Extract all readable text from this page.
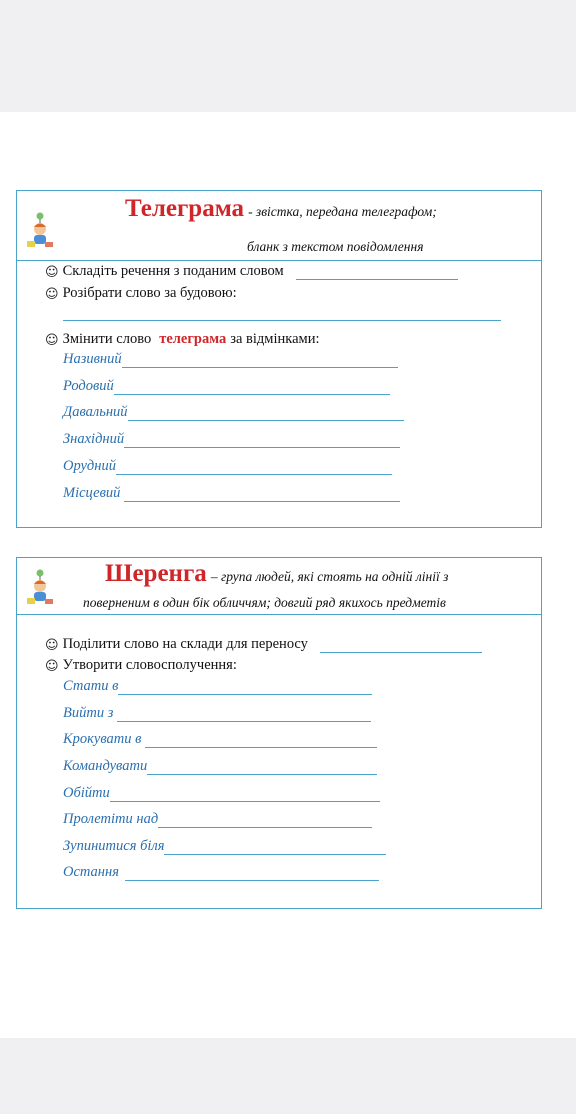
Телеграма - звістка, передана телеграфом;
бланк з текстом повідомлення
☺ Складіть речення з поданим словом
☺ Розібрати слово за будовою:
☺ Змінити слово телеграма за відмінками:
Називний
Родовий
Давальний
Знахідний
Орудний
Місцевий
Шеренга – група людей, які стоять на одній лінії з
поверненим в один бік обличчям; довгий ряд якихось предметів
☺ Поділити слово на склади для переносу
☺ Утворити словосполучення:
Стати в
Вийти з
Крокувати в
Командувати
Обійти
Пролетіти над
Зупинитися біля
Остання
